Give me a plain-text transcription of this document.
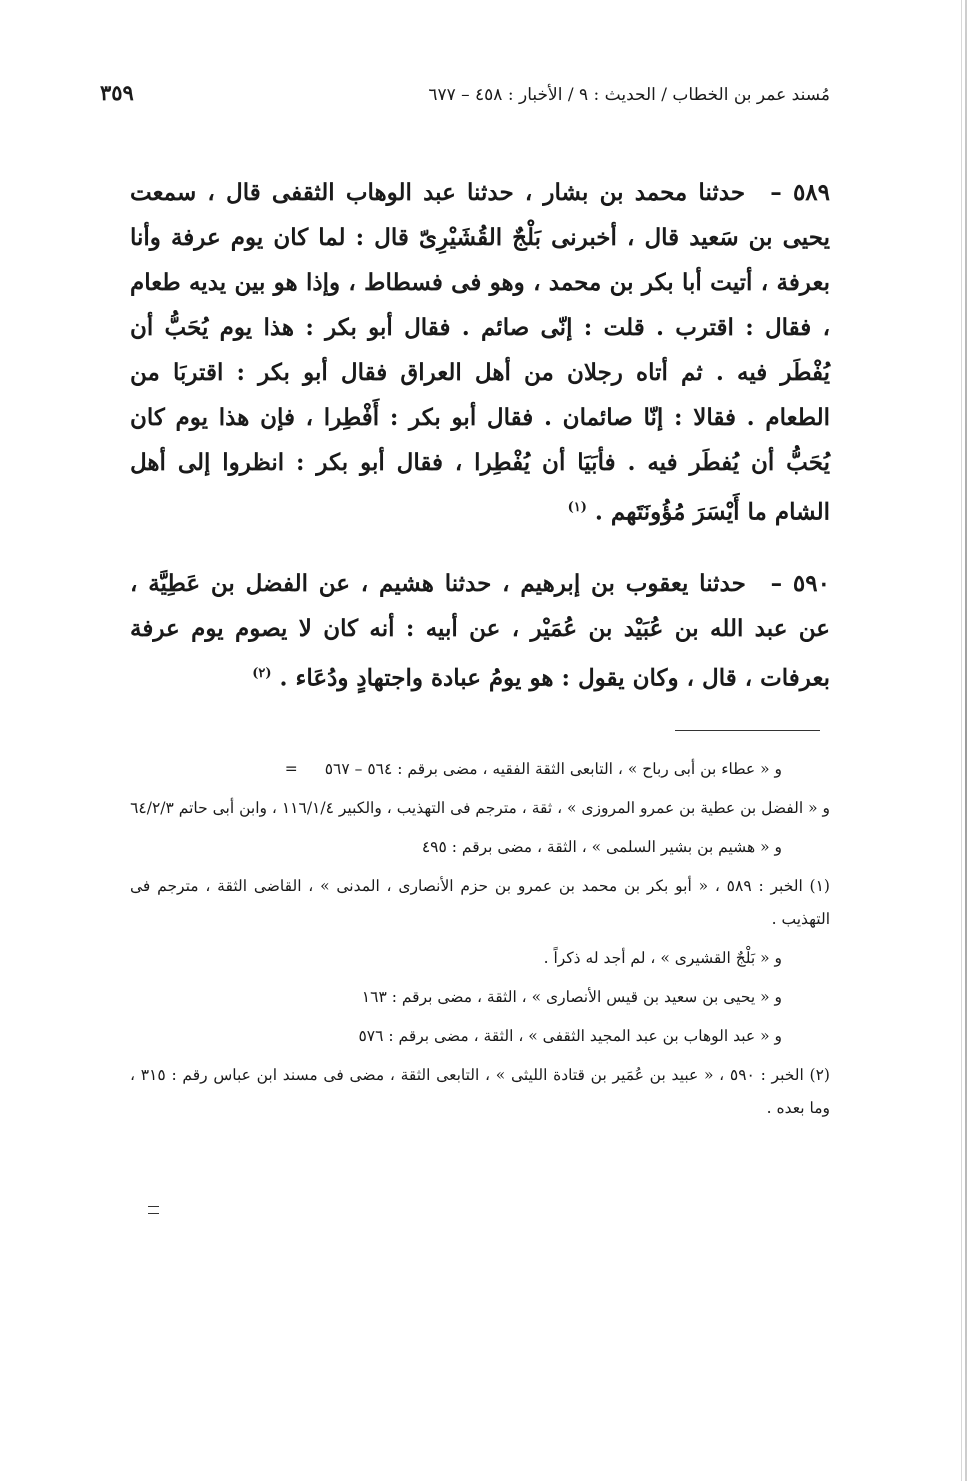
مُسند عمر بن الخطاب / الحديث : ٩ / الأخبار : ٤٥٨ – ٦٧٧
٣٥٩

٥٨٩ – حدثنا محمد بن بشار ، حدثنا عبد الوهاب الثقفى قال ، سمعت يحيى بن سَعيد قال ، أخبرنى بَلْجٌ القُشَيْرِىّ قال : لما كان يوم عرفة وأنا بعرفة ، أتيت أبا بكر بن محمد ، وهو فى فسطاط ، وإذا هو بين يديه طعام ، فقال : اقترب . قلت : إنّى صائم . فقال أبو بكر : هذا يوم يُحَبُّ أن يُفْطَر فيه . ثم أتاه رجلان من أهل العراق فقال أبو بكر : اقتربَا من الطعام . فقالا : إنّا صائمان . فقال أبو بكر : أَفْطِرا ، فإن هذا يوم كان يُحَبُّ أن يُفطَر فيه . فأبَيَا أن يُفْطِرا ، فقال أبو بكر : انظروا إلى أهل الشام ما أَيْسَرَ مُؤُونَتَهم . $^{(١)}$

٥٩٠ – حدثنا يعقوب بن إبرهيم ، حدثنا هشيم ، عن الفضل بن عَطِيَّة ، عن عبد الله بن عُبَيْد بن عُمَيْر ، عن أبيه : أنه كان لا يصوم يوم عرفة بعرفات ، قال ، وكان يقول : هو يومُ عبادة واجتهادٍ ودُعَاء . $^{(٢)}$

و « عطاء بن أبى رباح » ، التابعى الثقة الفقيه ، مضى برقم : ٥٦٤ – ٥٦٧ =

و « الفضل بن عطية بن عمرو المروزى » ، ثقة ، مترجم فى التهذيب ، والكبير ١١٦/١/٤ ، وابن أبى حاتم ٦٤/٢/٣

و « هشيم بن بشير السلمى » ، الثقة ، مضى برقم : ٤٩٥

(١) الخبر : ٥٨٩ ، « أبو بكر بن محمد بن عمرو بن حزم الأنصارى ، المدنى » ، القاضى الثقة ، مترجم فى التهذيب .

و « بَلْجٌ القشيرى » ، لم أجد له ذكراً .

و « يحيى بن سعيد بن قيس الأنصارى » ، الثقة ، مضى برقم : ١٦٣

و « عبد الوهاب بن عبد المجيد الثقفى » ، الثقة ، مضى برقم : ٥٧٦

(٢) الخبر : ٥٩٠ ، « عبيد بن عُمَير بن قتادة الليثى » ، التابعى الثقة ، مضى فى مسند ابن عباس رقم : ٣١٥ ، وما بعده .
